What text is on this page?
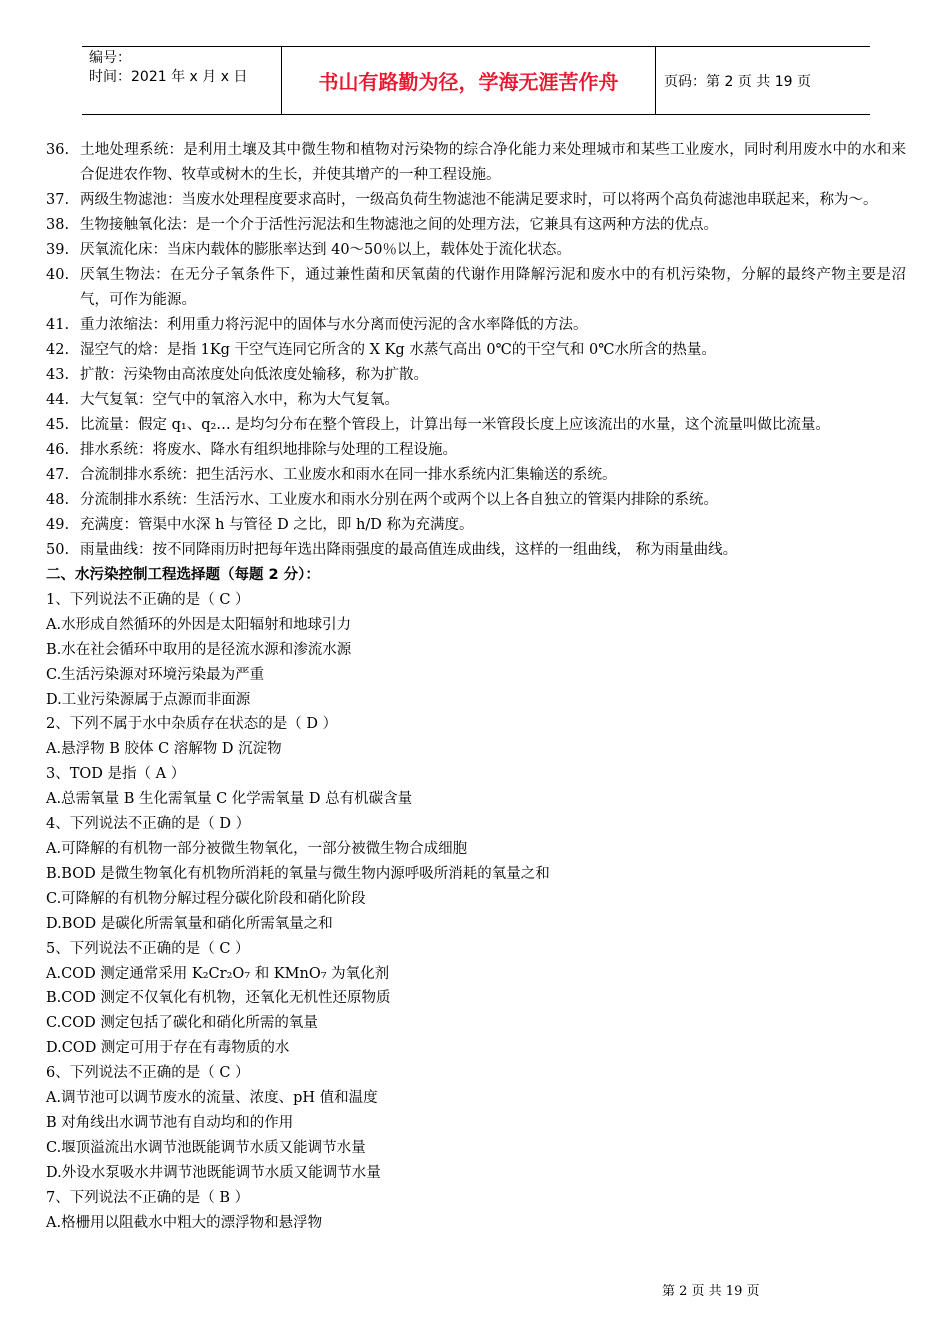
编号：
时间：2021 年 x 月 x 日	书山有路勤为径，学海无涯苦作舟	页码：第 2 页 共 19 页
36. 土地处理系统：是利用土壤及其中微生物和植物对污染物的综合净化能力来处理城市和某些工业废水，同时利用废水中的水和来合促进农作物、牧草或树木的生长，并使其增产的一种工程设施。
37. 两级生物滤池：当废水处理程度要求高时，一级高负荷生物滤池不能满足要求时，可以将两个高负荷滤池串联起来，称为～。
38. 生物接触氧化法：是一个介于活性污泥法和生物滤池之间的处理方法，它兼具有这两种方法的优点。
39. 厌氧流化床：当床内载体的膨胀率达到 40～50％以上，载体处于流化状态。
40. 厌氧生物法：在无分子氧条件下，通过兼性菌和厌氧菌的代谢作用降解污泥和废水中的有机污染物，分解的最终产物主要是沼气，可作为能源。
41. 重力浓缩法：利用重力将污泥中的固体与水分离而使污泥的含水率降低的方法。
42. 湿空气的焓：是指 1Kg 干空气连同它所含的 X Kg 水蒸气高出 0℃的干空气和 0℃水所含的热量。
43. 扩散：污染物由高浓度处向低浓度处输移，称为扩散。
44. 大气复氧：空气中的氧溶入水中，称为大气复氧。
45. 比流量：假定 q₁、q₂… 是均匀分布在整个管段上，计算出每一米管段长度上应该流出的水量，这个流量叫做比流量。
46. 排水系统：将废水、降水有组织地排除与处理的工程设施。
47. 合流制排水系统：把生活污水、工业废水和雨水在同一排水系统内汇集输送的系统。
48. 分流制排水系统：生活污水、工业废水和雨水分别在两个或两个以上各自独立的管渠内排除的系统。
49. 充满度：管渠中水深 h 与管径 D 之比，即 h/D 称为充满度。
50. 雨量曲线：按不同降雨历时把每年选出降雨强度的最高值连成曲线，这样的一组曲线， 称为雨量曲线。
二、水污染控制工程选择题（每题 2 分）：
1、下列说法不正确的是（ C ）
A.水形成自然循环的外因是太阳辐射和地球引力
B.水在社会循环中取用的是径流水源和渗流水源
C.生活污染源对环境污染最为严重
D.工业污染源属于点源而非面源
2、下列不属于水中杂质存在状态的是（ D ）
A.悬浮物 B 胶体 C 溶解物 D 沉淀物
3、TOD 是指（ A ）
A.总需氧量 B 生化需氧量 C 化学需氧量 D 总有机碳含量
4、下列说法不正确的是（ D ）
A.可降解的有机物一部分被微生物氧化，一部分被微生物合成细胞
B.BOD 是微生物氧化有机物所消耗的氧量与微生物内源呼吸所消耗的氧量之和
C.可降解的有机物分解过程分碳化阶段和硝化阶段
D.BOD 是碳化所需氧量和硝化所需氧量之和
5、下列说法不正确的是（ C ）
A.COD 测定通常采用 K₂Cr₂O₇ 和 KMnO₇ 为氧化剂
B.COD 测定不仅氧化有机物，还氧化无机性还原物质
C.COD 测定包括了碳化和硝化所需的氧量
D.COD 测定可用于存在有毒物质的水
6、下列说法不正确的是（ C ）
A.调节池可以调节废水的流量、浓度、pH 值和温度
B 对角线出水调节池有自动均和的作用
C.堰顶溢流出水调节池既能调节水质又能调节水量
D.外设水泵吸水井调节池既能调节水质又能调节水量
7、下列说法不正确的是（ B ）
A.格栅用以阻截水中粗大的漂浮物和悬浮物
第 2 页 共 19 页
